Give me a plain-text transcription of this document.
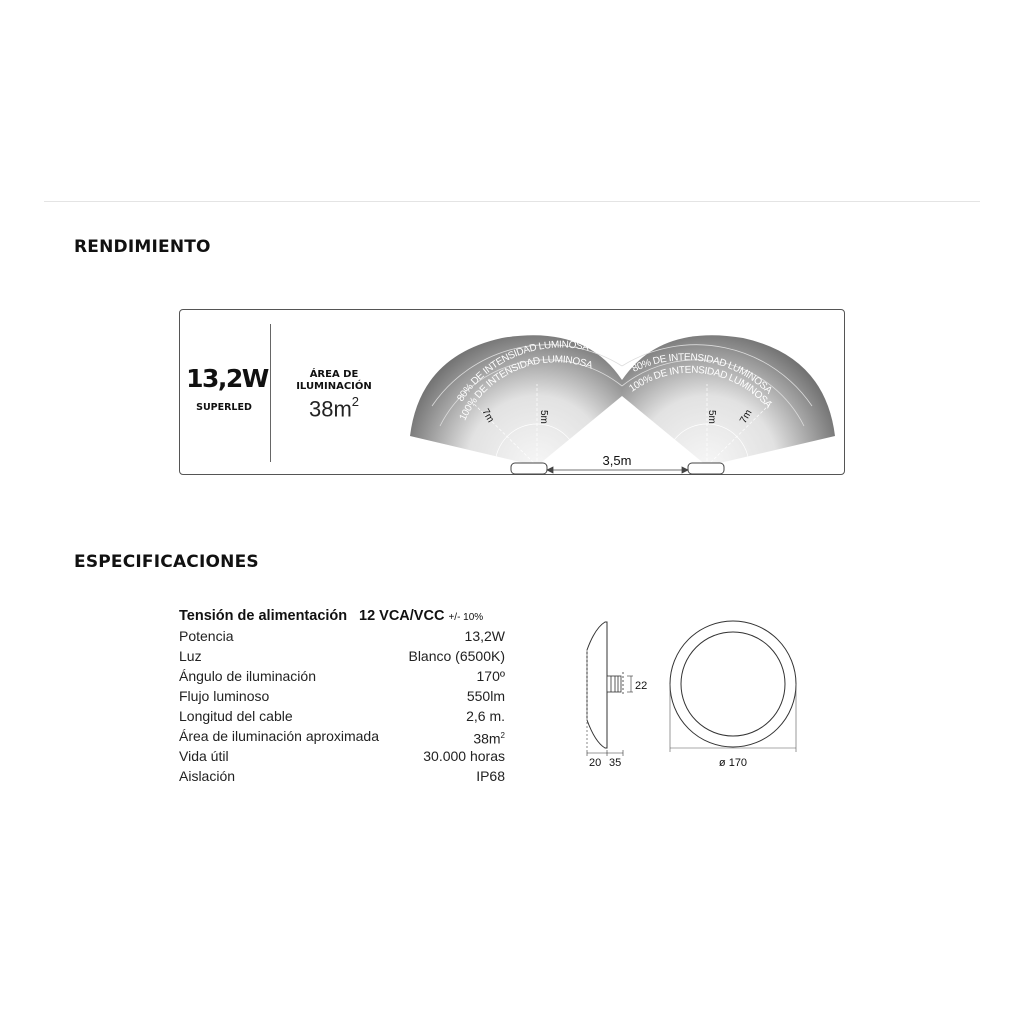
RENDIMIENTO
13,2W
SUPERLED
ÁREA DE
ILUMINACIÓN
$38m^2$	80% DE INTENSIDAD LUMINOSA
100% DE INTENSIDAD LUMINOSA	80% DE INTENSIDAD LUMINOSA
100% DE INTENSIDAD LUMINOSA
5m
7m	5m 7m
3,5m
ESPECIFICACIONES
Tensión de alimentación 12 VCA/VCC +/- 10%
Potencia	13,2W
Luz	Blanco (6500K)
Ángulo de iluminación	170º
Flujo luminoso	550lm
Longitud del cable	2,6 m.
Área de iluminación aproximada	$38m^2$
Vida útil	30.000 horas
Aislación	IP68
22
20 35	ø 170
